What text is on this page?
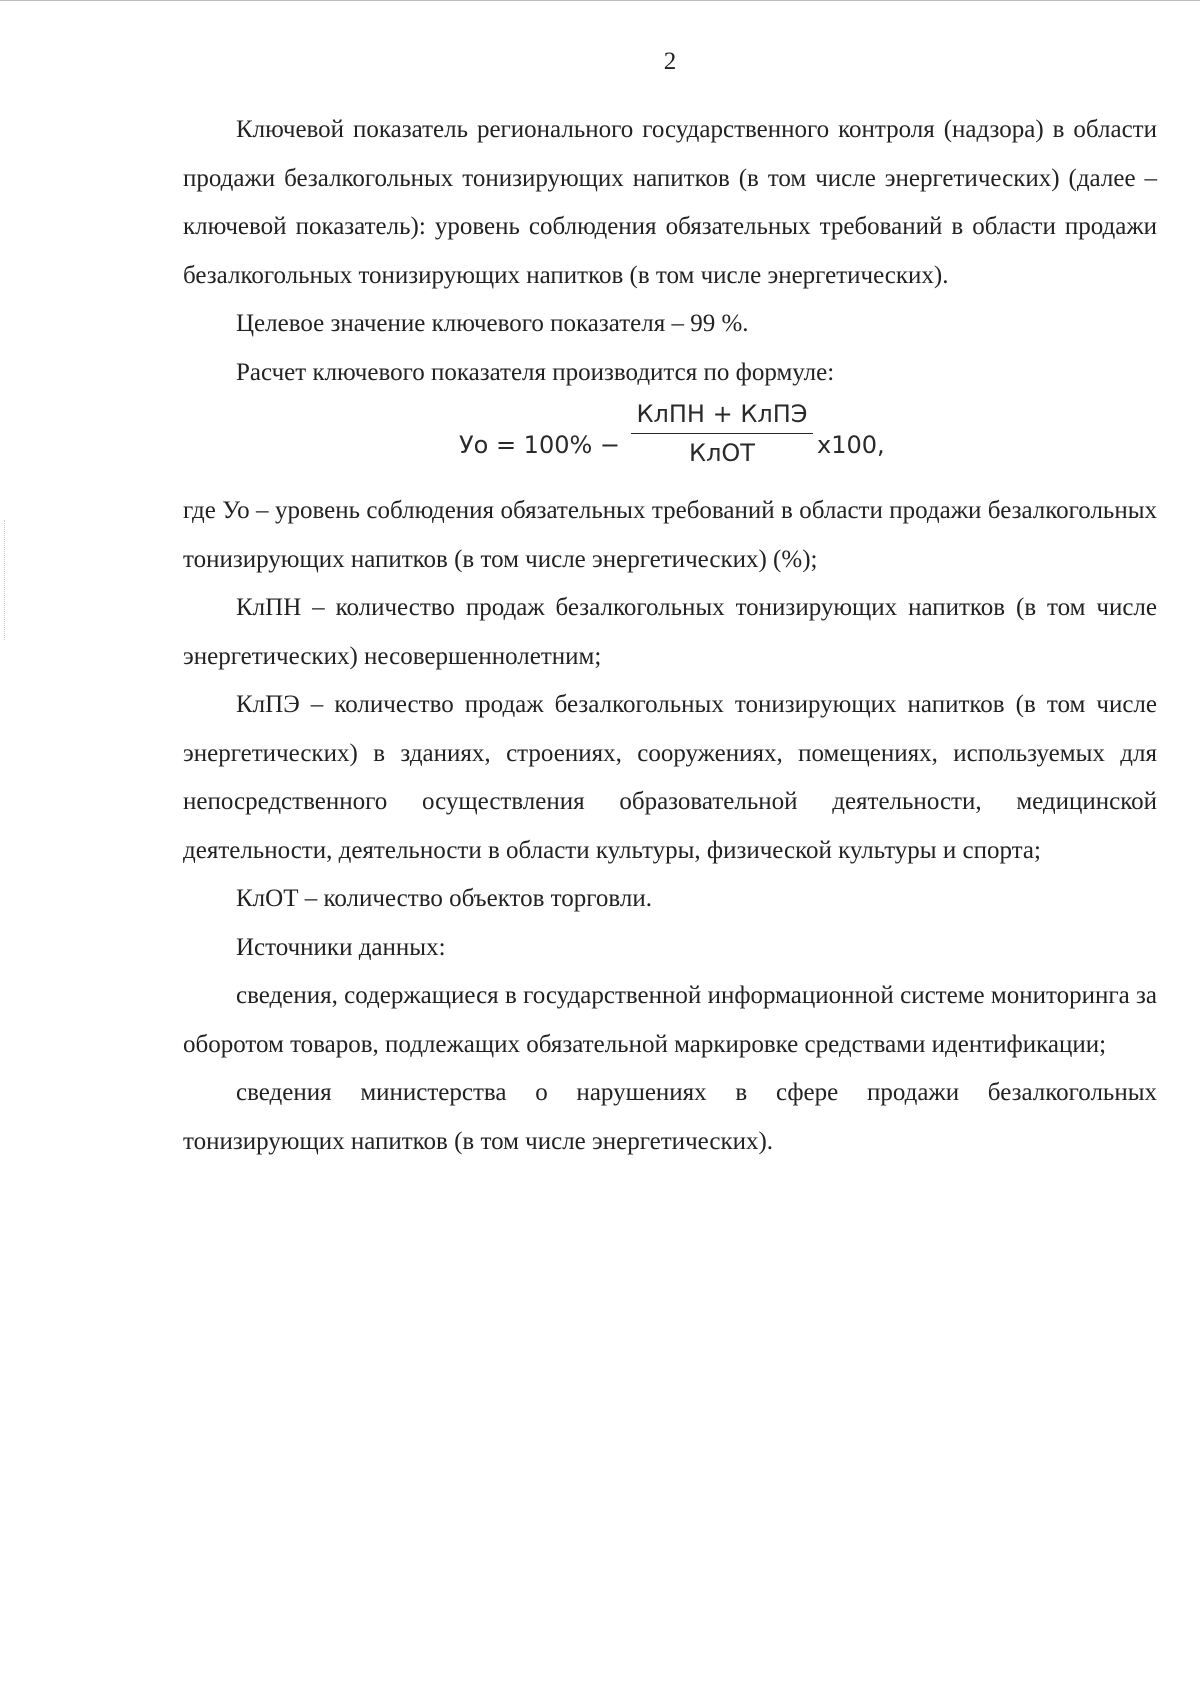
2

Ключевой показатель регионального государственного контроля (надзора) в области продажи безалкогольных тонизирующих напитков (в том числе энергетических) (далее – ключевой показатель): уровень соблюдения обязательных требований в области продажи безалкогольных тонизирующих напитков (в том числе энергетических).

Целевое значение ключевого показателя – 99 %.

Расчет ключевого показателя производится по формуле:

Уо = 100% −
КлПН + КлПЭ
КлОТ	х100,

где Уо – уровень соблюдения обязательных требований в области продажи безалкогольных тонизирующих напитков (в том числе энергетических) (%);

КлПН – количество продаж безалкогольных тонизирующих напитков (в том числе энергетических) несовершеннолетним;

КлПЭ – количество продаж безалкогольных тонизирующих напитков (в том числе энергетических) в зданиях, строениях, сооружениях, помещениях, используемых для непосредственного осуществления образовательной деятельности, медицинской деятельности, деятельности в области культуры, физической культуры и спорта;

КлОТ – количество объектов торговли.

Источники данных:

сведения, содержащиеся в государственной информационной системе мониторинга за оборотом товаров, подлежащих обязательной маркировке средствами идентификации;

сведения министерства о нарушениях в сфере продажи безалкогольных тонизирующих напитков (в том числе энергетических).
